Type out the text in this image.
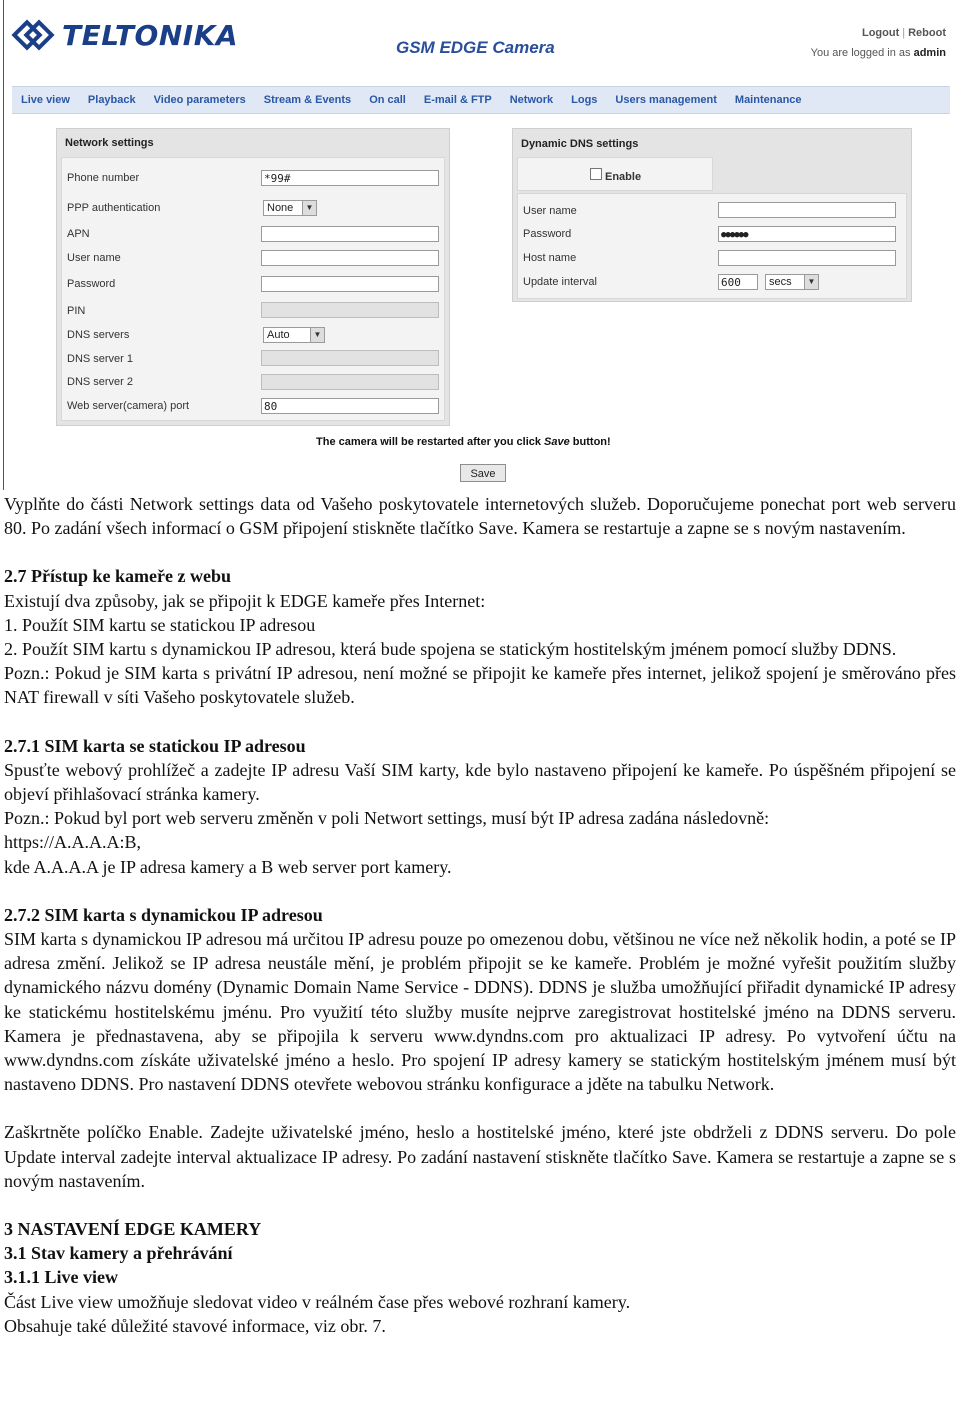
TELTONIKA	GSM EDGE Camera
Logout | Reboot
You are logged in as admin
Live view	Playback	Video parameters	Stream & Events	On call	E-mail & FTP	Network	Logs	Users management	Maintenance
Network settings
Phone number	*99#
PPP authentication	None	▼
APN
User name
Password
PIN
DNS servers	Auto	▼
DNS server 1
DNS server 2
Web server(camera) port	80
Dynamic DNS settings
Enable
User name
Password	●●●●●●
Host name
Update interval	600	secs	▼
The camera will be restarted after you click Save button!
Save

Vyplňte do části Network settings data od Vašeho poskytovatele internetových služeb. Doporučujeme ponechat port web serveru 80. Po zadání všech informací o GSM připojení stiskněte tlačítko Save. Kamera se restartuje a zapne se s novým nastavením.

2.7 Přístup ke kameře z webu

Existují dva způsoby, jak se připojit k EDGE kameře přes Internet:

1. Použít SIM kartu se statickou IP adresou

2. Použít SIM kartu s dynamickou IP adresou, která bude spojena se statickým hostitelským jménem pomocí služby DDNS.

Pozn.: Pokud je SIM karta s privátní IP adresou, není možné se připojit ke kameře přes internet, jelikož spojení je směrováno přes NAT firewall v síti Vašeho poskytovatele služeb.

2.7.1 SIM karta se statickou IP adresou

Spusťte webový prohlížeč a zadejte IP adresu Vaší SIM karty, kde bylo nastaveno připojení ke kameře. Po úspěšném připojení se objeví přihlašovací stránka kamery.

Pozn.: Pokud byl port web serveru změněn v poli Networt settings, musí být IP adresa zadána následovně:

https://A.A.A.A:B,

kde A.A.A.A je IP adresa kamery a B web server port kamery.

2.7.2 SIM karta s dynamickou IP adresou

SIM karta s dynamickou IP adresou má určitou IP adresu pouze po omezenou dobu, většinou ne více než několik hodin, a poté se IP adresa změní. Jelikož se IP adresa neustále mění, je problém připojit se ke kameře. Problém je možné vyřešit použitím služby dynamického názvu domény (Dynamic Domain Name Service - DDNS). DDNS je služba umožňující přiřadit dynamické IP adresy ke statickému hostitelskému jménu. Pro využití této služby musíte nejprve zaregistrovat hostitelské jméno na DDNS serveru. Kamera je přednastavena, aby se připojila k serveru www.dyndns.com pro aktualizaci IP adresy. Po vytvoření účtu na www.dyndns.com získáte uživatelské jméno a heslo. Pro spojení IP adresy kamery se statickým hostitelským jménem musí být nastaveno DDNS. Pro nastavení DDNS otevřete webovou stránku konfigurace a jděte na tabulku Network.

Zaškrtněte políčko Enable. Zadejte uživatelské jméno, heslo a hostitelské jméno, které jste obdrželi z DDNS serveru. Do pole Update interval zadejte interval aktualizace IP adresy. Po zadání nastavení stiskněte tlačítko Save. Kamera se restartuje a zapne se s novým nastavením.

3 NASTAVENÍ EDGE KAMERY
3.1 Stav kamery a přehrávání
3.1.1 Live view

Část Live view umožňuje sledovat video v reálném čase přes webové rozhraní kamery.

Obsahuje také důležité stavové informace, viz obr. 7.
